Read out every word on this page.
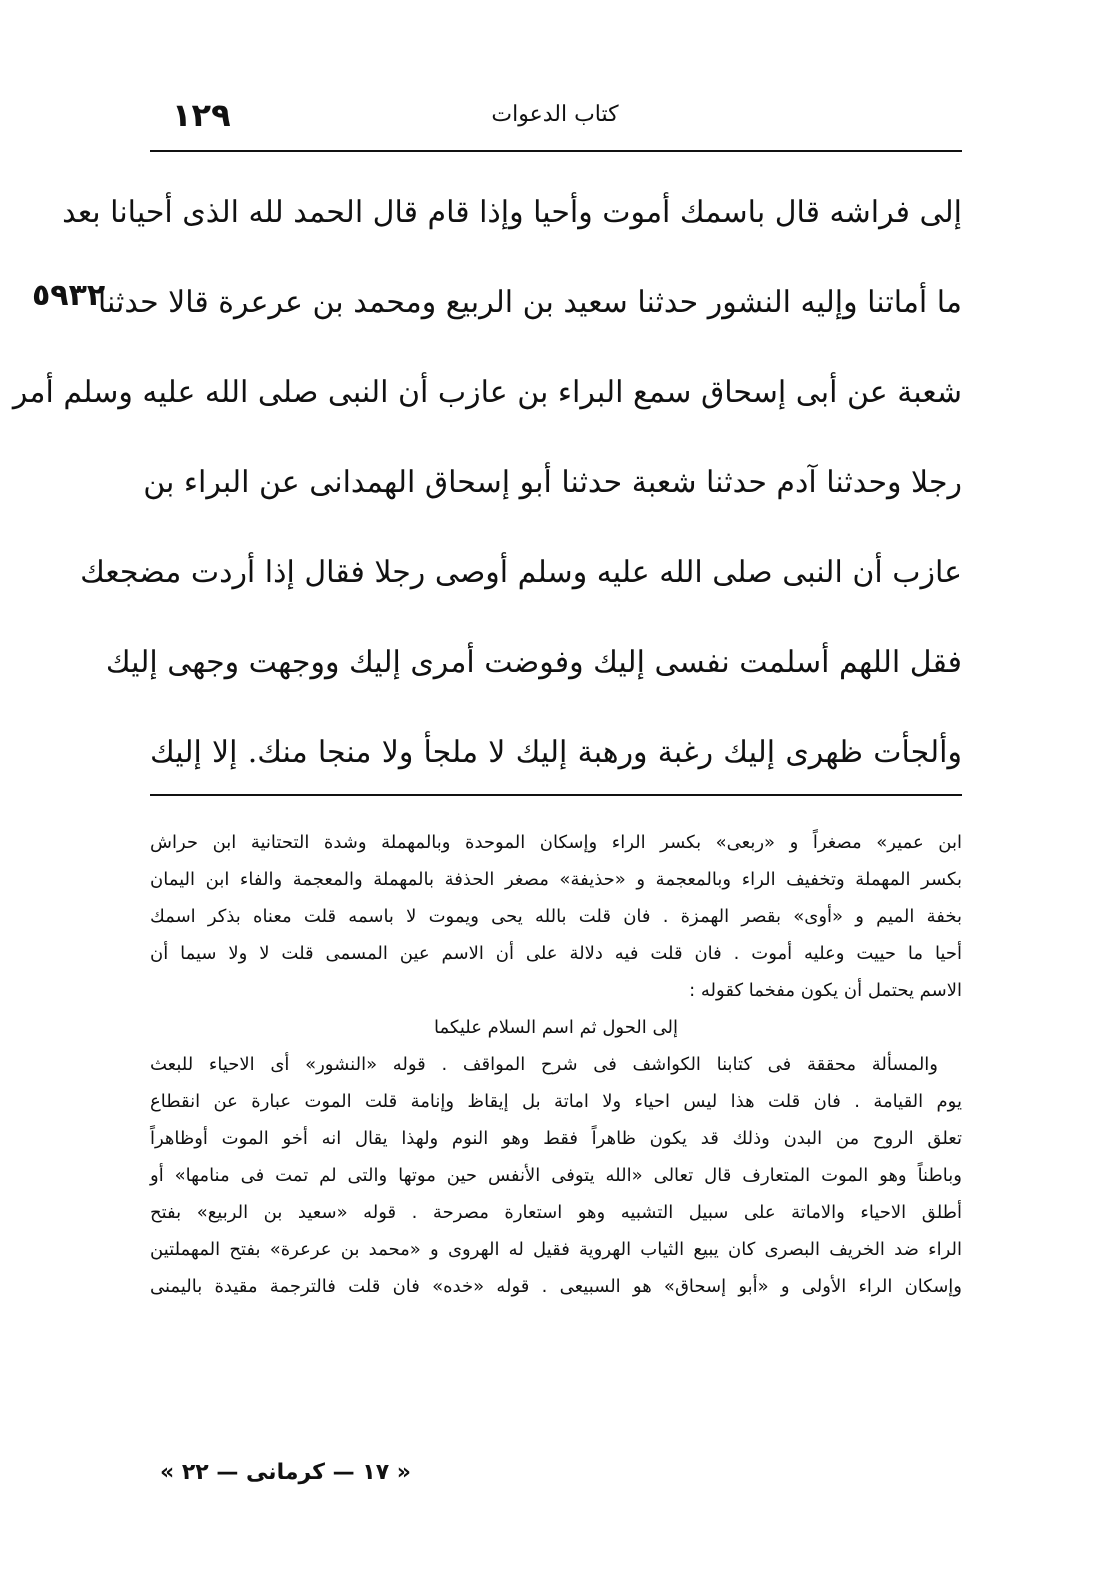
كتاب الدعوات
١٢٩
٥٩٣٢
إلى فراشه قال باسمك أموت وأحيا وإذا قام قال الحمد لله الذى أحيانا بعد
ما أماتنا وإليه النشور حدثنا سعيد بن الربيع ومحمد بن عرعرة قالا حدثنا
شعبة عن أبى إسحاق سمع البراء بن عازب أن النبى صلى الله عليه وسلم أمر
رجلا وحدثنا آدم حدثنا شعبة حدثنا أبو إسحاق الهمدانى عن البراء بن
عازب أن النبى صلى الله عليه وسلم أوصى رجلا فقال إذا أردت مضجعك
فقل اللهم أسلمت نفسى إليك وفوضت أمرى إليك ووجهت وجهى إليك
وألجأت ظهرى إليك رغبة ورهبة إليك لا ملجأ ولا منجا منك. إلا إليك
ابن عمير» مصغراً و «ربعى» بكسر الراء وإسكان الموحدة وبالمهملة وشدة التحتانية ابن حراش
بكسر المهملة وتخفيف الراء وبالمعجمة و «حذيفة» مصغر الحذفة بالمهملة والمعجمة والفاء ابن اليمان
بخفة الميم و «أوى» بقصر الهمزة . فان قلت بالله يحى ويموت لا باسمه قلت معناه بذكر اسمك
أحيا ما حييت وعليه أموت . فان قلت فيه دلالة على أن الاسم عين المسمى قلت لا ولا سيما أن
الاسم يحتمل أن يكون مفخما كقوله :
إلى الحول ثم اسم السلام عليكما
والمسألة محققة فى كتابنا الكواشف فى شرح المواقف . قوله «النشور» أى الاحياء للبعث
يوم القيامة . فان قلت هذا ليس احياء ولا اماتة بل إيقاظ وإنامة قلت الموت عبارة عن انقطاع
تعلق الروح من البدن وذلك قد يكون ظاهراً فقط وهو النوم ولهذا يقال انه أخو الموت أوظاهراً
وباطناً وهو الموت المتعارف قال تعالى «الله يتوفى الأنفس حين موتها والتى لم تمت فى منامها» أو
أطلق الاحياء والاماتة على سبيل التشبيه وهو استعارة مصرحة . قوله «سعيد بن الربيع» بفتح
الراء ضد الخريف البصرى كان يبيع الثياب الهروية فقيل له الهروى و «محمد بن عرعرة» بفتح المهملتين
وإسكان الراء الأولى و «أبو إسحاق» هو السبيعى . قوله «خده» فان قلت فالترجمة مقيدة باليمنى
« ١٧ — كرمانى — ٢٢ »
